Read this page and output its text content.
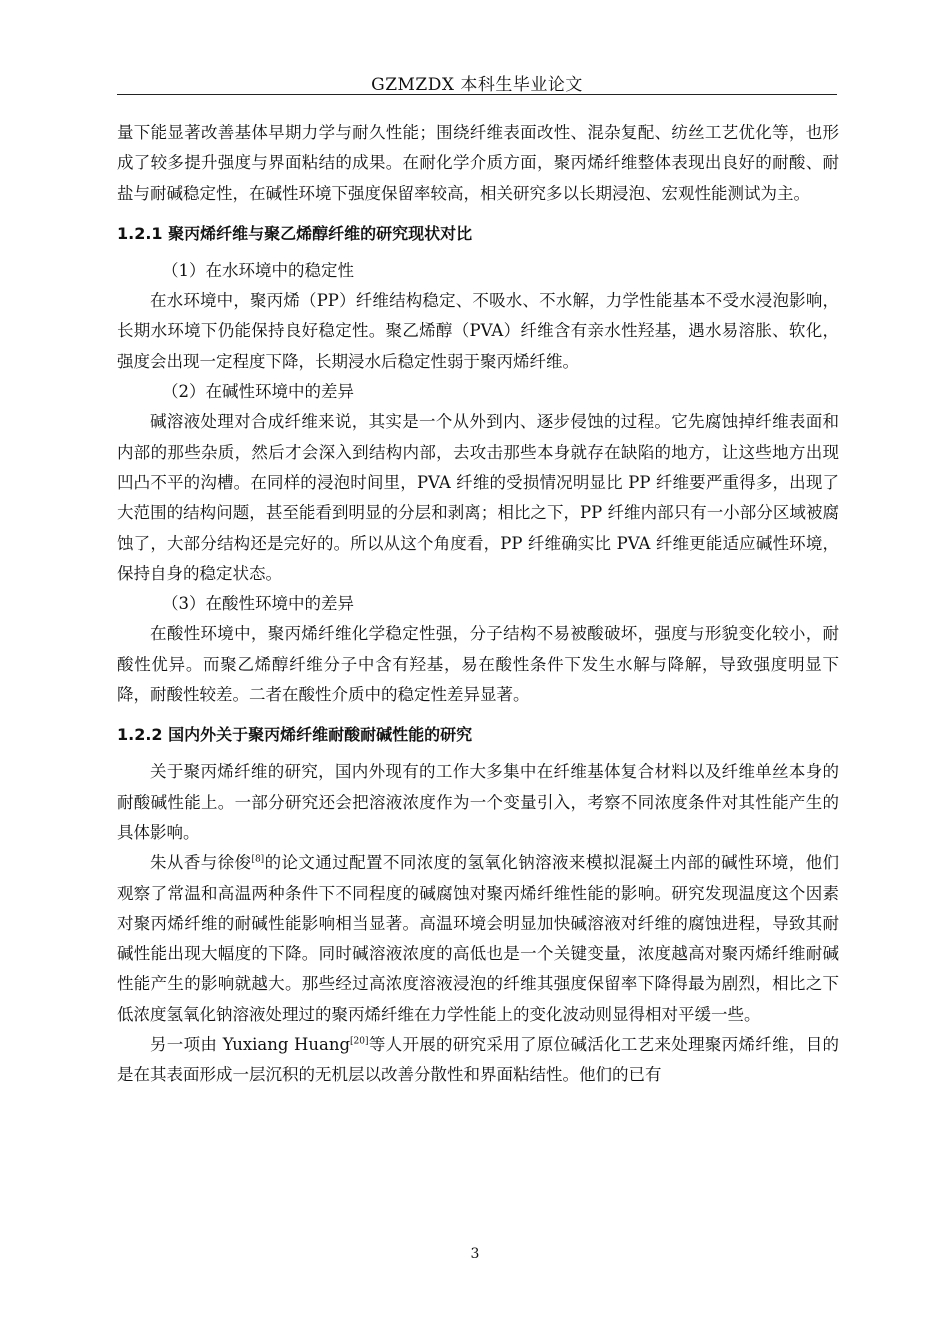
GZMZDX 本科生毕业论文

量下能显著改善基体早期力学与耐久性能；围绕纤维表面改性、混杂复配、纺丝工艺优化等，也形成了较多提升强度与界面粘结的成果。在耐化学介质方面，聚丙烯纤维整体表现出良好的耐酸、耐盐与耐碱稳定性，在碱性环境下强度保留率较高，相关研究多以长期浸泡、宏观性能测试为主。

1.2.1 聚丙烯纤维与聚乙烯醇纤维的研究现状对比

（1）在水环境中的稳定性

在水环境中，聚丙烯（PP）纤维结构稳定、不吸水、不水解，力学性能基本不受水浸泡影响，长期水环境下仍能保持良好稳定性。聚乙烯醇（PVA）纤维含有亲水性羟基，遇水易溶胀、软化，强度会出现一定程度下降，长期浸水后稳定性弱于聚丙烯纤维。

（2）在碱性环境中的差异

碱溶液处理对合成纤维来说，其实是一个从外到内、逐步侵蚀的过程。它先腐蚀掉纤维表面和内部的那些杂质，然后才会深入到结构内部，去攻击那些本身就存在缺陷的地方，让这些地方出现凹凸不平的沟槽。在同样的浸泡时间里，PVA 纤维的受损情况明显比 PP 纤维要严重得多，出现了大范围的结构问题，甚至能看到明显的分层和剥离；相比之下，PP 纤维内部只有一小部分区域被腐蚀了，大部分结构还是完好的。所以从这个角度看，PP 纤维确实比 PVA 纤维更能适应碱性环境，保持自身的稳定状态。

（3）在酸性环境中的差异

在酸性环境中，聚丙烯纤维化学稳定性强，分子结构不易被酸破坏，强度与形貌变化较小，耐酸性优异。而聚乙烯醇纤维分子中含有羟基，易在酸性条件下发生水解与降解，导致强度明显下降，耐酸性较差。二者在酸性介质中的稳定性差异显著。

1.2.2 国内外关于聚丙烯纤维耐酸耐碱性能的研究

关于聚丙烯纤维的研究，国内外现有的工作大多集中在纤维基体复合材料以及纤维单丝本身的耐酸碱性能上。一部分研究还会把溶液浓度作为一个变量引入，考察不同浓度条件对其性能产生的具体影响。

朱从香与徐俊[8]的论文通过配置不同浓度的氢氧化钠溶液来模拟混凝土内部的碱性环境，他们观察了常温和高温两种条件下不同程度的碱腐蚀对聚丙烯纤维性能的影响。研究发现温度这个因素对聚丙烯纤维的耐碱性能影响相当显著。高温环境会明显加快碱溶液对纤维的腐蚀进程，导致其耐碱性能出现大幅度的下降。同时碱溶液浓度的高低也是一个关键变量，浓度越高对聚丙烯纤维耐碱性能产生的影响就越大。那些经过高浓度溶液浸泡的纤维其强度保留率下降得最为剧烈，相比之下低浓度氢氧化钠溶液处理过的聚丙烯纤维在力学性能上的变化波动则显得相对平缓一些。

另一项由 Yuxiang Huang[20]等人开展的研究采用了原位碱活化工艺来处理聚丙烯纤维，目的是在其表面形成一层沉积的无机层以改善分散性和界面粘结性。他们的已有

3
